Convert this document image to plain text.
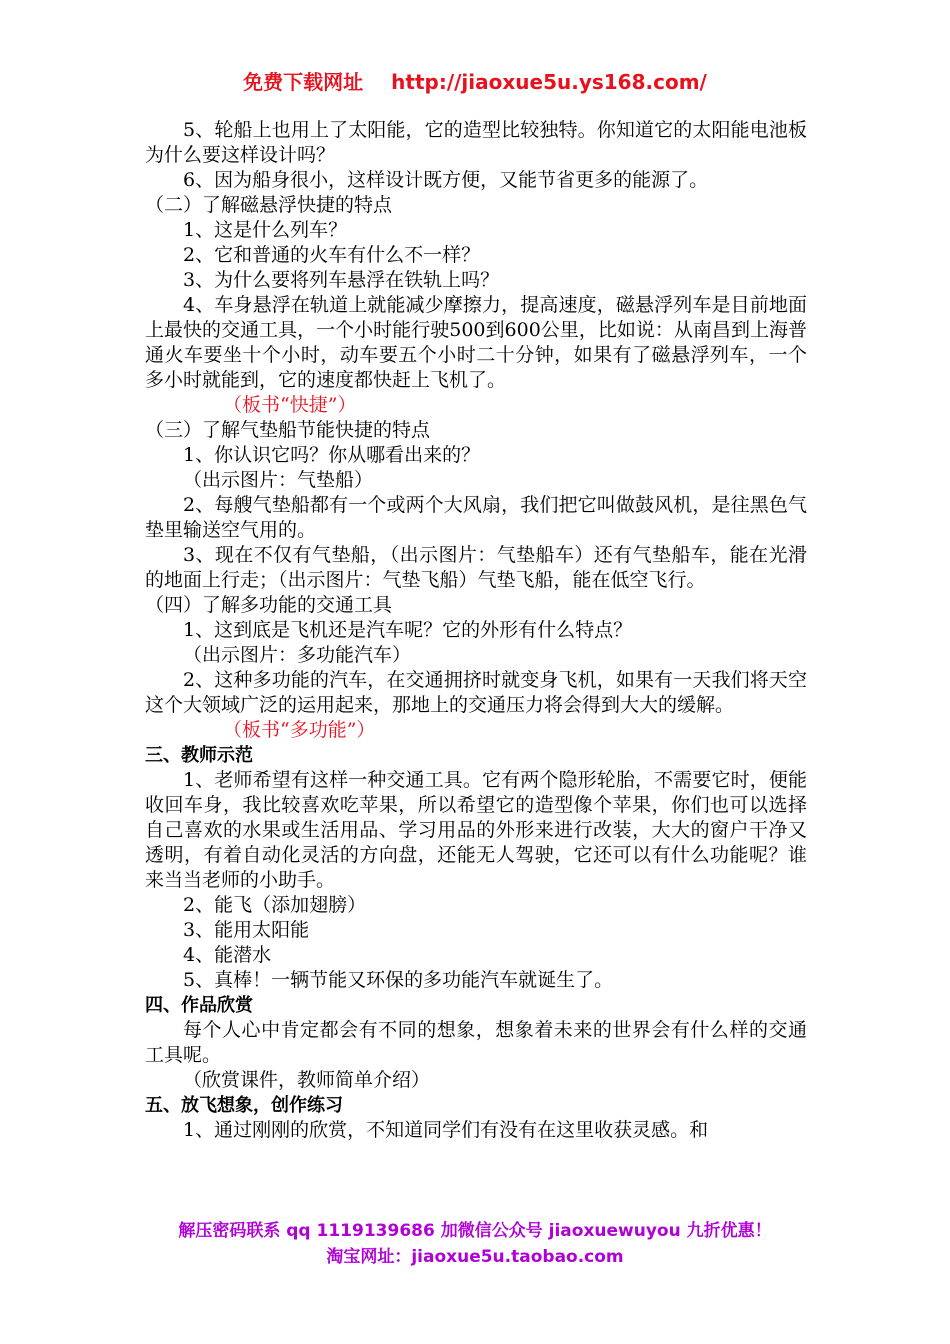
免费下载网址 http://jiaoxue5u.ys168.com/

5、轮船上也用上了太阳能，它的造型比较独特。你知道它的太阳能电池板为什么要这样设计吗？

6、因为船身很小，这样设计既方便，又能节省更多的能源了。

（二）了解磁悬浮快捷的特点

1、这是什么列车？

2、它和普通的火车有什么不一样？

3、为什么要将列车悬浮在铁轨上吗？

4、车身悬浮在轨道上就能减少摩擦力，提高速度，磁悬浮列车是目前地面上最快的交通工具，一个小时能行驶500到600公里，比如说：从南昌到上海普通火车要坐十个小时，动车要五个小时二十分钟，如果有了磁悬浮列车，一个多小时就能到，它的速度都快赶上飞机了。

（板书“快捷”）

（三）了解气垫船节能快捷的特点

1、你认识它吗？你从哪看出来的？

（出示图片：气垫船）

2、每艘气垫船都有一个或两个大风扇，我们把它叫做鼓风机，是往黑色气垫里输送空气用的。

3、现在不仅有气垫船，（出示图片：气垫船车）还有气垫船车，能在光滑的地面上行走；（出示图片：气垫飞船）气垫飞船，能在低空飞行。

（四）了解多功能的交通工具

1、这到底是飞机还是汽车呢？它的外形有什么特点？

（出示图片：多功能汽车）

2、这种多功能的汽车，在交通拥挤时就变身飞机，如果有一天我们将天空这个大领域广泛的运用起来，那地上的交通压力将会得到大大的缓解。

（板书“多功能”）

三、教师示范

1、老师希望有这样一种交通工具。它有两个隐形轮胎，不需要它时，便能收回车身，我比较喜欢吃苹果，所以希望它的造型像个苹果，你们也可以选择自己喜欢的水果或生活用品、学习用品的外形来进行改装，大大的窗户干净又透明，有着自动化灵活的方向盘，还能无人驾驶，它还可以有什么功能呢？谁来当当老师的小助手。

2、能飞（添加翅膀）

3、能用太阳能

4、能潜水

5、真棒！一辆节能又环保的多功能汽车就诞生了。

四、作品欣赏

每个人心中肯定都会有不同的想象，想象着未来的世界会有什么样的交通工具呢。

（欣赏课件，教师简单介绍）

五、放飞想象，创作练习

1、通过刚刚的欣赏，不知道同学们有没有在这里收获灵感。和

解压密码联系 qq 1119139686 加微信公众号 jiaoxuewuyou 九折优惠！
淘宝网址：jiaoxue5u.taobao.com
